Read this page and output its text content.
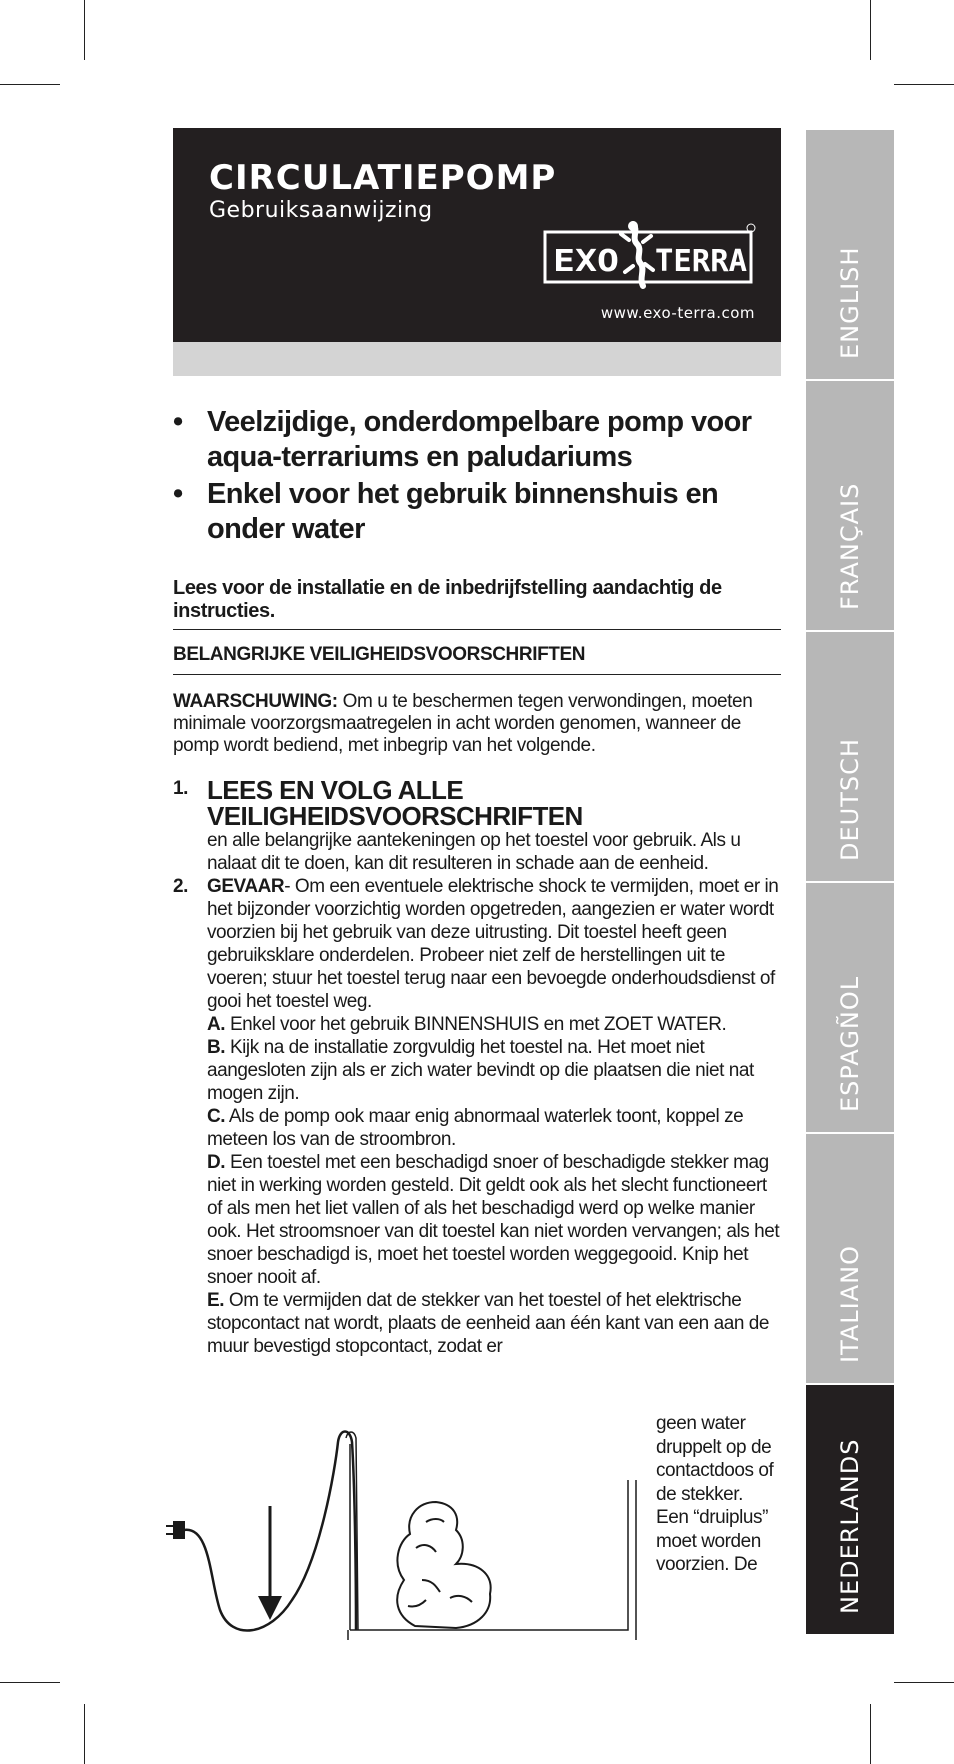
CIRCULATIEPOMP
Gebruiksaanwijzing
EXO TERRA
www.exo-terra.com	ENGLISH
FRANÇAIS
DEUTSCH
ESPAGÑOL
ITALIANO
NEDERLANDS
• Veelzijdige, onderdompelbare pomp voor aqua-terrariums en paludariums
• Enkel voor het gebruik binnenshuis en onder water
Lees voor de installatie en de inbedrijfstelling aandachtig de instructies.
BELANGRIJKE VEILIGHEIDSVOORSCHRIFTEN
WAARSCHUWING: Om u te beschermen tegen verwondingen, moeten minimale voorzorgsmaatregelen in acht worden genomen, wanneer de pomp wordt bediend, met inbegrip van het volgende.
1. LEES EN VOLG ALLE VEILIGHEIDSVOORSCHRIFTEN
en alle belangrijke aantekeningen op het toestel voor gebruik. Als u nalaat dit te doen, kan dit resulteren in schade aan de eenheid.
2. GEVAAR- Om een eventuele elektrische shock te vermijden, moet er in het bijzonder voorzichtig worden opgetreden, aangezien er water wordt voorzien bij het gebruik van deze uitrusting. Dit toestel heeft geen gebruiksklare onderdelen. Probeer niet zelf de herstellingen uit te voeren; stuur het toestel terug naar een bevoegde onderhoudsdienst of gooi het toestel weg.
A. Enkel voor het gebruik BINNENSHUIS en met ZOET WATER.
B. Kijk na de installatie zorgvuldig het toestel na. Het moet niet aangesloten zijn als er zich water bevindt op die plaatsen die niet nat mogen zijn.
C. Als de pomp ook maar enig abnormaal waterlek toont, koppel ze meteen los van de stroombron.
D. Een toestel met een beschadigd snoer of beschadigde stekker mag niet in werking worden gesteld. Dit geldt ook als het slecht functioneert of als men het liet vallen of als het beschadigd werd op welke manier ook. Het stroomsnoer van dit toestel kan niet worden vervangen; als het snoer beschadigd is, moet het toestel worden weggegooid. Knip het snoer nooit af.
E. Om te vermijden dat de stekker van het toestel of het elektrische stopcontact nat wordt, plaats de eenheid aan één kant van een aan de muur bevestigd stopcontact, zodat er
geen water druppelt op de contactdoos of de stekker. Een “druiplus” moet worden voorzien. De
